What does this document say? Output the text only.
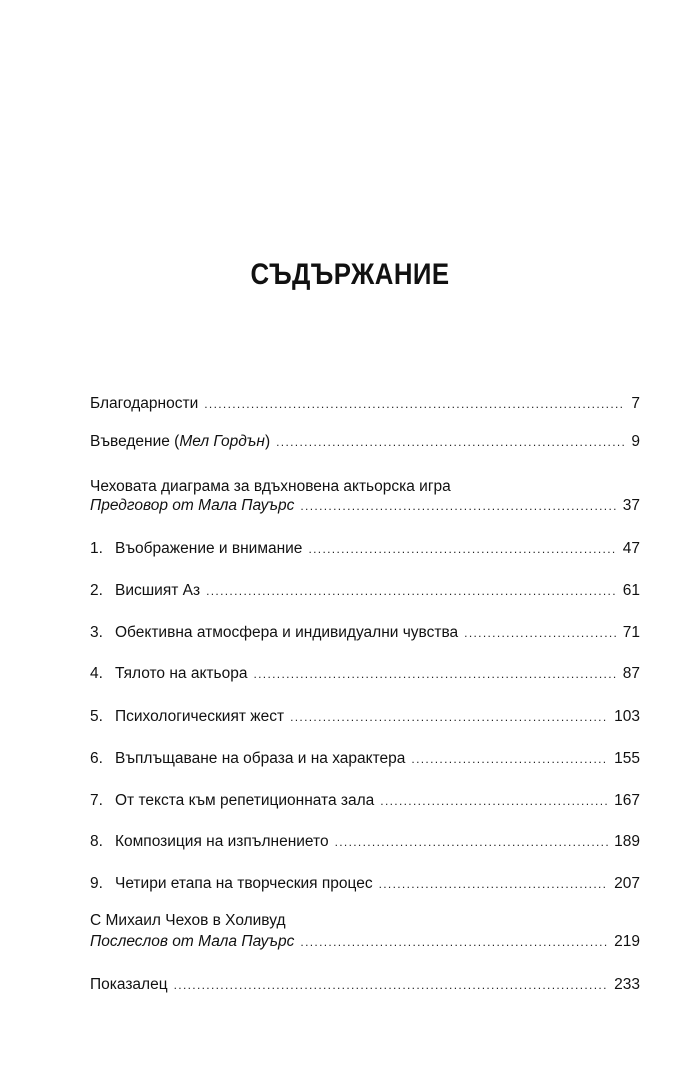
СЪДЪРЖАНИЕ
Благодарности . . .	7
Въведение (Мел Гордън) . . .	9
Чеховата диаграма за вдъхновена актьорска игра
Предговор от Мала Пауърс . . .	37
1. Въображение и внимание . . .	47
2. Висшият Аз . . .	61
3. Обективна атмосфера и индивидуални чувства . . .	71
4. Тялото на актьора . . .	87
5. Психологическият жест . . .	103
6. Въплъщаване на образа и на характера . . .	155
7. От текста към репетиционната зала . . .	167
8. Композиция на изпълнението . . .	189
9. Четири етапа на творческия процес . . .	207
С Михаил Чехов в Холивуд
Послеслов от Мала Пауърс . . .	219
Показалец . . .	233
